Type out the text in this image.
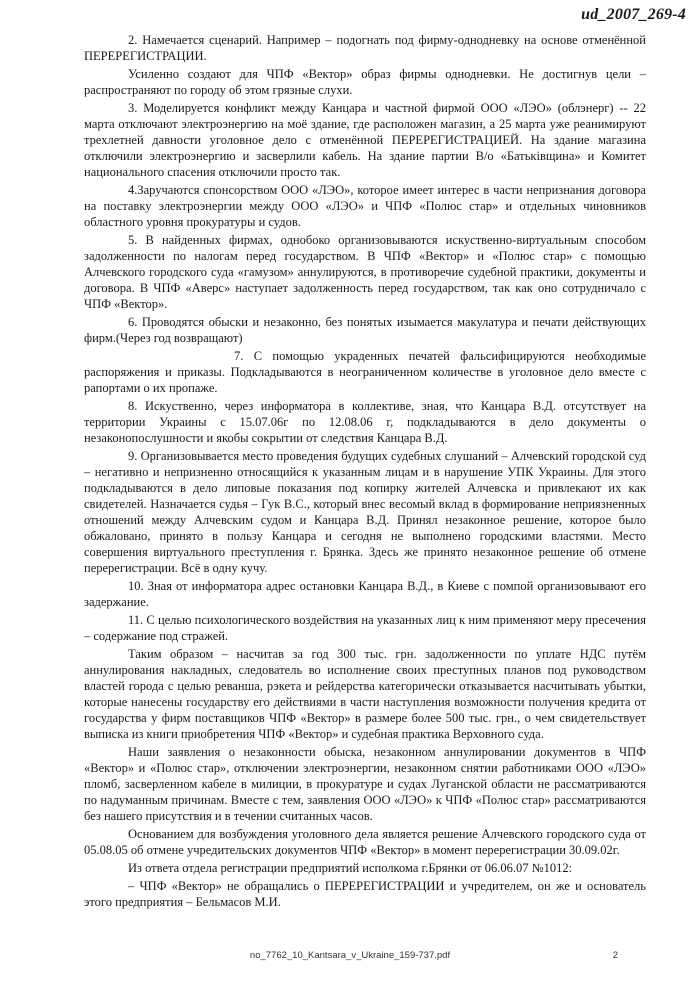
ud_2007_269-4

2. Намечается сценарий. Например – подогнать под фирму-однодневку на основе отменённой ПЕРЕРЕГИСТРАЦИИ.

Усиленно создают для ЧПФ «Вектор» образ фирмы однодневки. Не достигнув цели – распространяют по городу об этом грязные слухи.

3. Моделируется конфликт между Канцара и частной фирмой ООО «ЛЭО» (облэнерг) -- 22 марта отключают электроэнергию на моё здание, где расположен магазин, а 25 марта уже реанимируют трехлетней давности уголовное дело с отменённой ПЕРЕРЕГИСТРАЦИЕЙ. На здание магазина отключили электроэнергию и засверлили кабель. На здание партии В/о «Батьківщина» и Комитет национального спасения отключили просто так.

4.Заручаются спонсорством ООО «ЛЭО», которое имеет интерес в части непризнания договора на поставку электроэнергии между ООО «ЛЭО» и ЧПФ «Полюс стар» и отдельных чиновников областного уровня прокуратуры и судов.

5. В найденных фирмах, однобоко организовываются искуственно-виртуальным способом задолженности по налогам перед государством. В ЧПФ «Вектор» и «Полюс стар» с помощью Алчевского городского суда «гамузом» аннулируются, в противоречие судебной практики, документы и договора. В ЧПФ «Аверс» наступает задолженность перед государством, так как оно сотрудничало с ЧПФ «Вектор».

6. Проводятся обыски и незаконно, без понятых изымается макулатура и печати действующих фирм.(Через год возвращают)

7. С помощью украденных печатей фальсифицируются необходимые распоряжения и приказы. Подкладываются в неограниченном количестве в уголовное дело вместе с рапортами о их пропаже.

8. Искуственно, через информатора в коллективе, зная, что Канцара В.Д. отсутствует на территории Украины с 15.07.06г по 12.08.06 г, подкладываются в дело документы о незаконопослушности и якобы сокрытии от следствия Канцара В.Д.

9. Организовывается место проведения будущих судебных слушаний – Алчевский городской суд – негативно и непризненно относящийся к указанным лицам и в нарушение УПК Украины. Для этого подкладываются в дело липовые показания под копирку жителей Алчевска и привлекают их как свидетелей. Назначается судья – Гук В.С., который внес весомый вклад в формирование неприязненных отношений между Алчевским судом и Канцара В.Д. Принял незаконное решение, которое было обжаловано, принято в пользу Канцара и сегодня не выполнено городскими властями. Место совершения виртуального преступления г. Брянка. Здесь же принято незаконное решение об отмене перерегистрации. Всё в одну кучу.

10. Зная от информатора адрес остановки Канцара В.Д., в Киеве с помпой организовывают его задержание.

11. С целью психологического воздействия на указанных лиц к ним применяют меру пресечения – содержание под стражей.

Таким образом – насчитав за год 300 тыс. грн. задолженности по уплате НДС путём аннулирования накладных, следователь во исполнение своих преступных планов под руководством властей города с целью реванша, рэкета и рейдерства категорически отказывается насчитывать убытки, которые нанесены государству его действиями в части наступления возможности получения кредита от государства у фирм поставщиков ЧПФ «Вектор» в размере более 500 тыс. грн., о чем свидетельствует выписка из книги приобретения ЧПФ «Вектор» и судебная практика Верховного суда.

Наши заявления о незаконности обыска, незаконном аннулировании документов в ЧПФ «Вектор» и «Полюс стар», отключении электроэнергии, незаконном снятии работниками ООО «ЛЭО» пломб, засверленном кабеле в милиции, в прокуратуре и судах Луганской области не рассматриваются по надуманным причинам. Вместе с тем, заявления ООО «ЛЭО» к ЧПФ «Полюс стар» рассматриваются без нашего присутствия и в течении считанных часов.

Основанием для возбуждения уголовного дела является решение Алчевского городского суда от 05.08.05 об отмене учредительских документов ЧПФ «Вектор» в момент перерегистрации 30.09.02г.

Из ответа отдела регистрации предприятий исполкома г.Брянки от 06.06.07 №1012:

– ЧПФ «Вектор» не обращались о ПЕРЕРЕГИСТРАЦИИ и учредителем, он же и основатель этого предприятия – Бельмасов М.И.

no_7762_10_Kantsara_v_Ukraine_159-737.pdf	2
